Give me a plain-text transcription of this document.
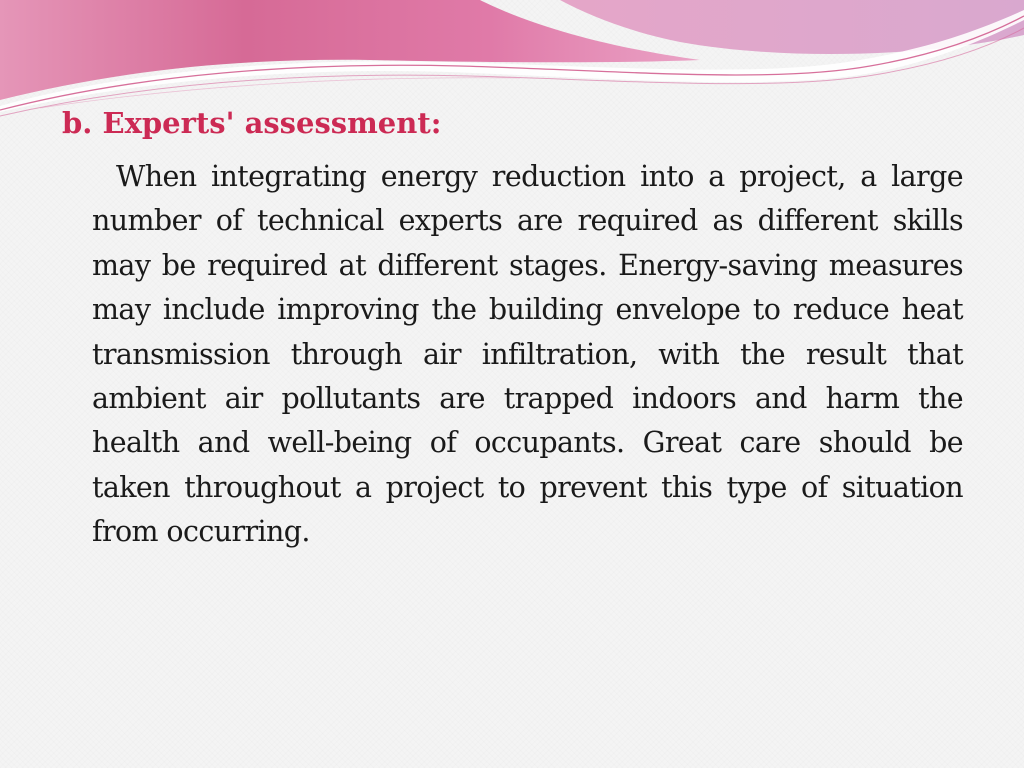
b. Experts' assessment:

When integrating energy reduction into a project, a large number of technical experts are required as different skills may be required at different stages. Energy-saving measures may include improving the building envelope to reduce heat transmission through air infiltration, with the result that ambient air pollutants are trapped indoors and harm the health and well-being of occupants. Great care should be taken throughout a project to prevent this type of situation from occurring.
